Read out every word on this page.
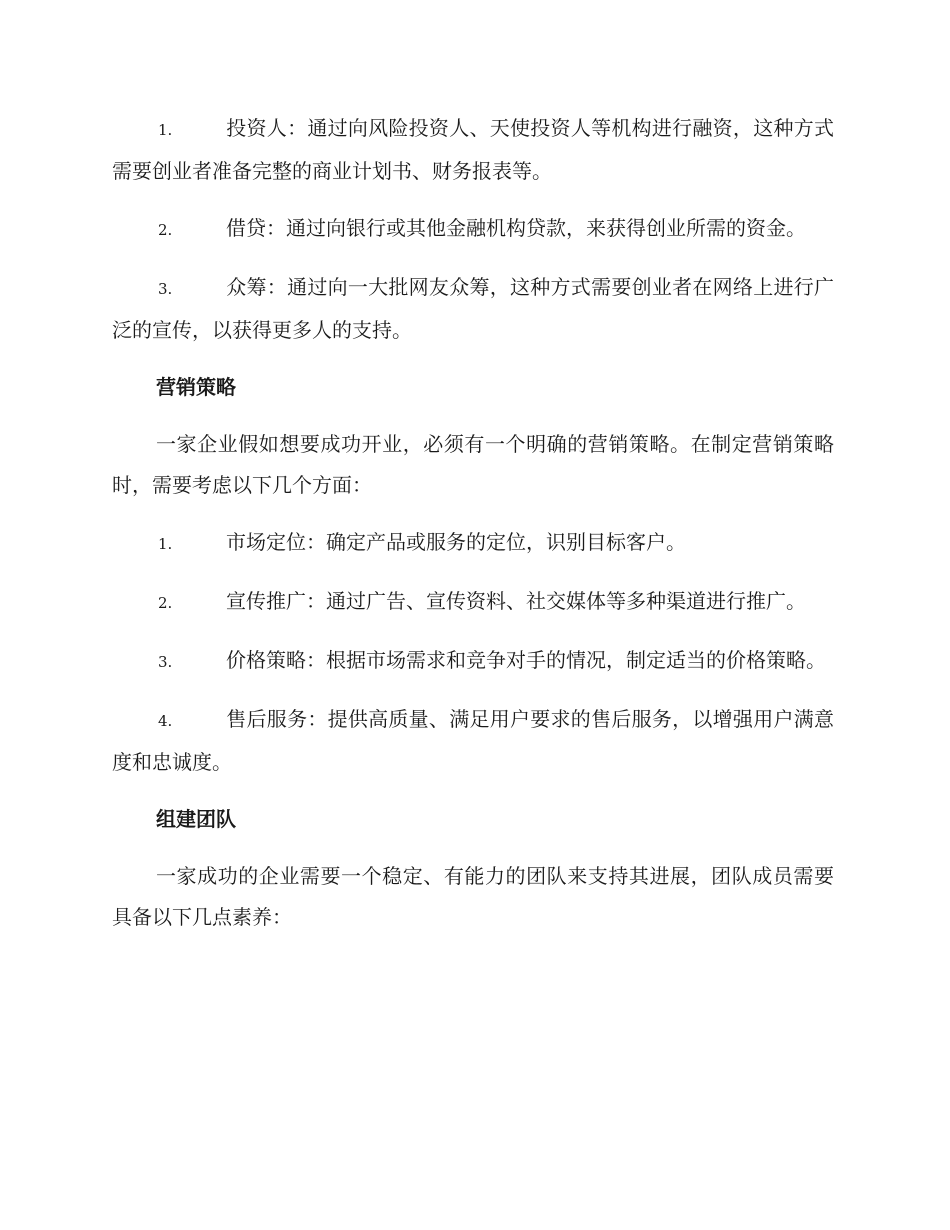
1.	投资人：通过向风险投资人、天使投资人等机构进行融资，这种方式需要创业者准备完整的商业计划书、财务报表等。
2.	借贷：通过向银行或其他金融机构贷款，来获得创业所需的资金。
3.	众筹：通过向一大批网友众筹，这种方式需要创业者在网络上进行广泛的宣传，以获得更多人的支持。
营销策略

一家企业假如想要成功开业，必须有一个明确的营销策略。在制定营销策略时，需要考虑以下几个方面：

1.	市场定位：确定产品或服务的定位，识别目标客户。
2.	宣传推广：通过广告、宣传资料、社交媒体等多种渠道进行推广。
3.	价格策略：根据市场需求和竞争对手的情况，制定适当的价格策略。
4.	售后服务：提供高质量、满足用户要求的售后服务，以增强用户满意度和忠诚度。
组建团队

一家成功的企业需要一个稳定、有能力的团队来支持其进展，团队成员需要具备以下几点素养：
